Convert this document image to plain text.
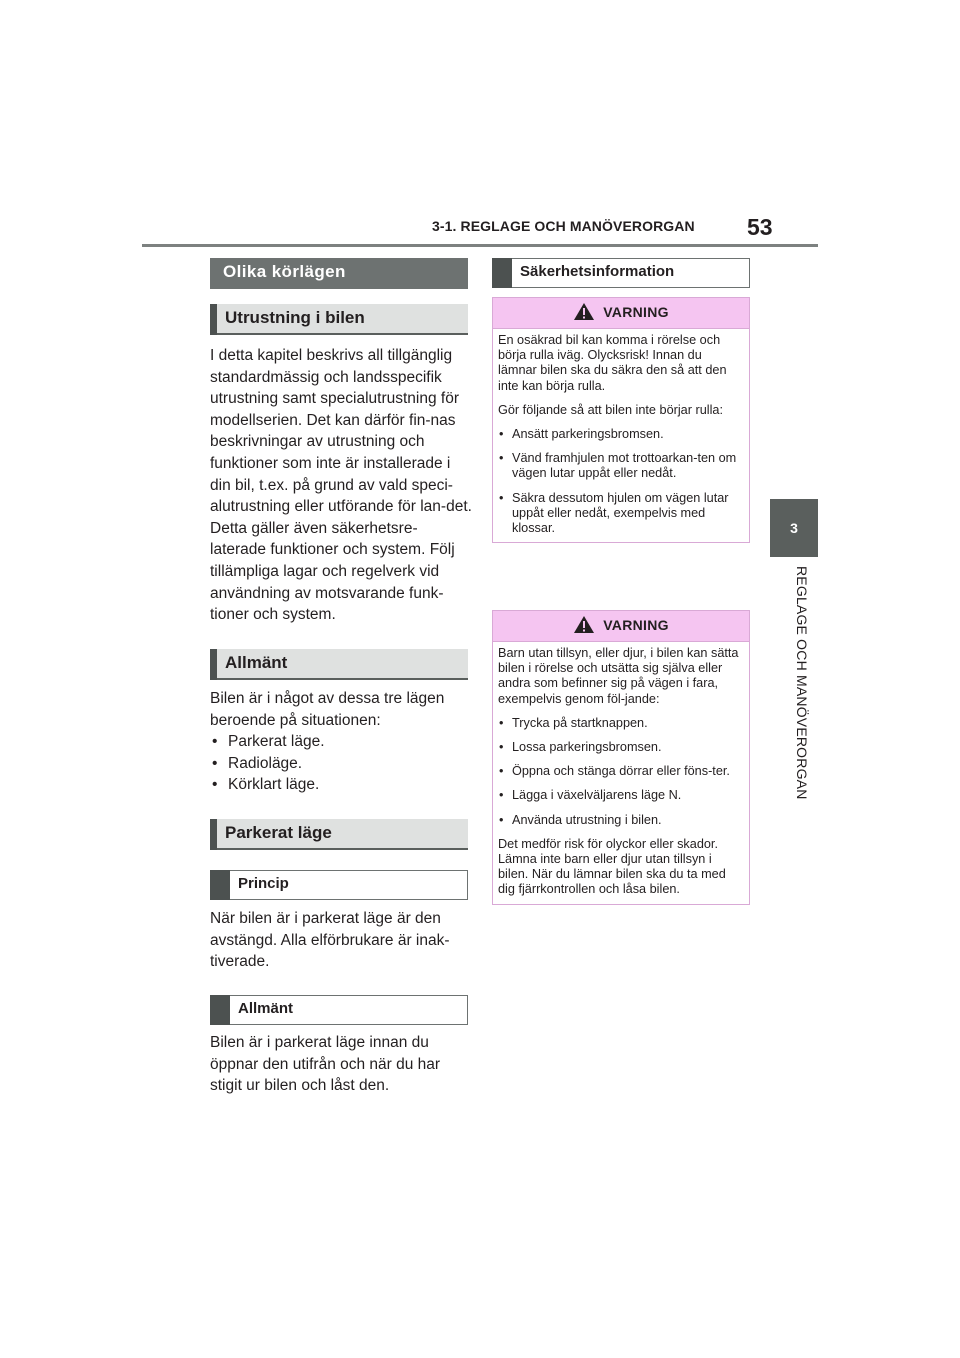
3-1. REGLAGE OCH MANÖVERORGAN 53
3
REGLAGE OCH MANÖVERORGAN
Olika körlägen
Utrustning i bilen

I detta kapitel beskrivs all tillgänglig standardmässig och landsspecifik utrustning samt specialutrustning för modellserien. Det kan därför fin-nas beskrivningar av utrustning och funktioner som inte är installerade i din bil, t.ex. på grund av vald speci-alutrustning eller utförande för lan-det. Detta gäller även säkerhetsre-laterade funktioner och system. Följ tillämpliga lagar och regelverk vid användning av motsvarande funk-tioner och system.

Allmänt

Bilen är i något av dessa tre lägen beroende på situationen:

• Parkerat läge.
• Radioläge.
• Körklart läge.
Parkerat läge
Princip

När bilen är i parkerat läge är den avstängd. Alla elförbrukare är inak-tiverade.

Allmänt

Bilen är i parkerat läge innan du öppnar den utifrån och när du har stigit ur bilen och låst den.

Säkerhetsinformation
VARNING

En osäkrad bil kan komma i rörelse och börja rulla iväg. Olycksrisk! Innan du lämnar bilen ska du säkra den så att den inte kan börja rulla.

Gör följande så att bilen inte börjar rulla:

• Ansätt parkeringsbromsen.
• Vänd framhjulen mot trottoarkan-ten om vägen lutar uppåt eller nedåt.
• Säkra dessutom hjulen om vägen lutar uppåt eller nedåt, exempelvis med klossar.
VARNING

Barn utan tillsyn, eller djur, i bilen kan sätta bilen i rörelse och utsätta sig själva eller andra som befinner sig på vägen i fara, exempelvis genom föl-jande:

• Trycka på startknappen.
• Lossa parkeringsbromsen.
• Öppna och stänga dörrar eller föns-ter.
• Lägga i växelväljarens läge N.
• Använda utrustning i bilen.

Det medför risk för olyckor eller skador. Lämna inte barn eller djur utan tillsyn i bilen. När du lämnar bilen ska du ta med dig fjärrkontrollen och låsa bilen.
